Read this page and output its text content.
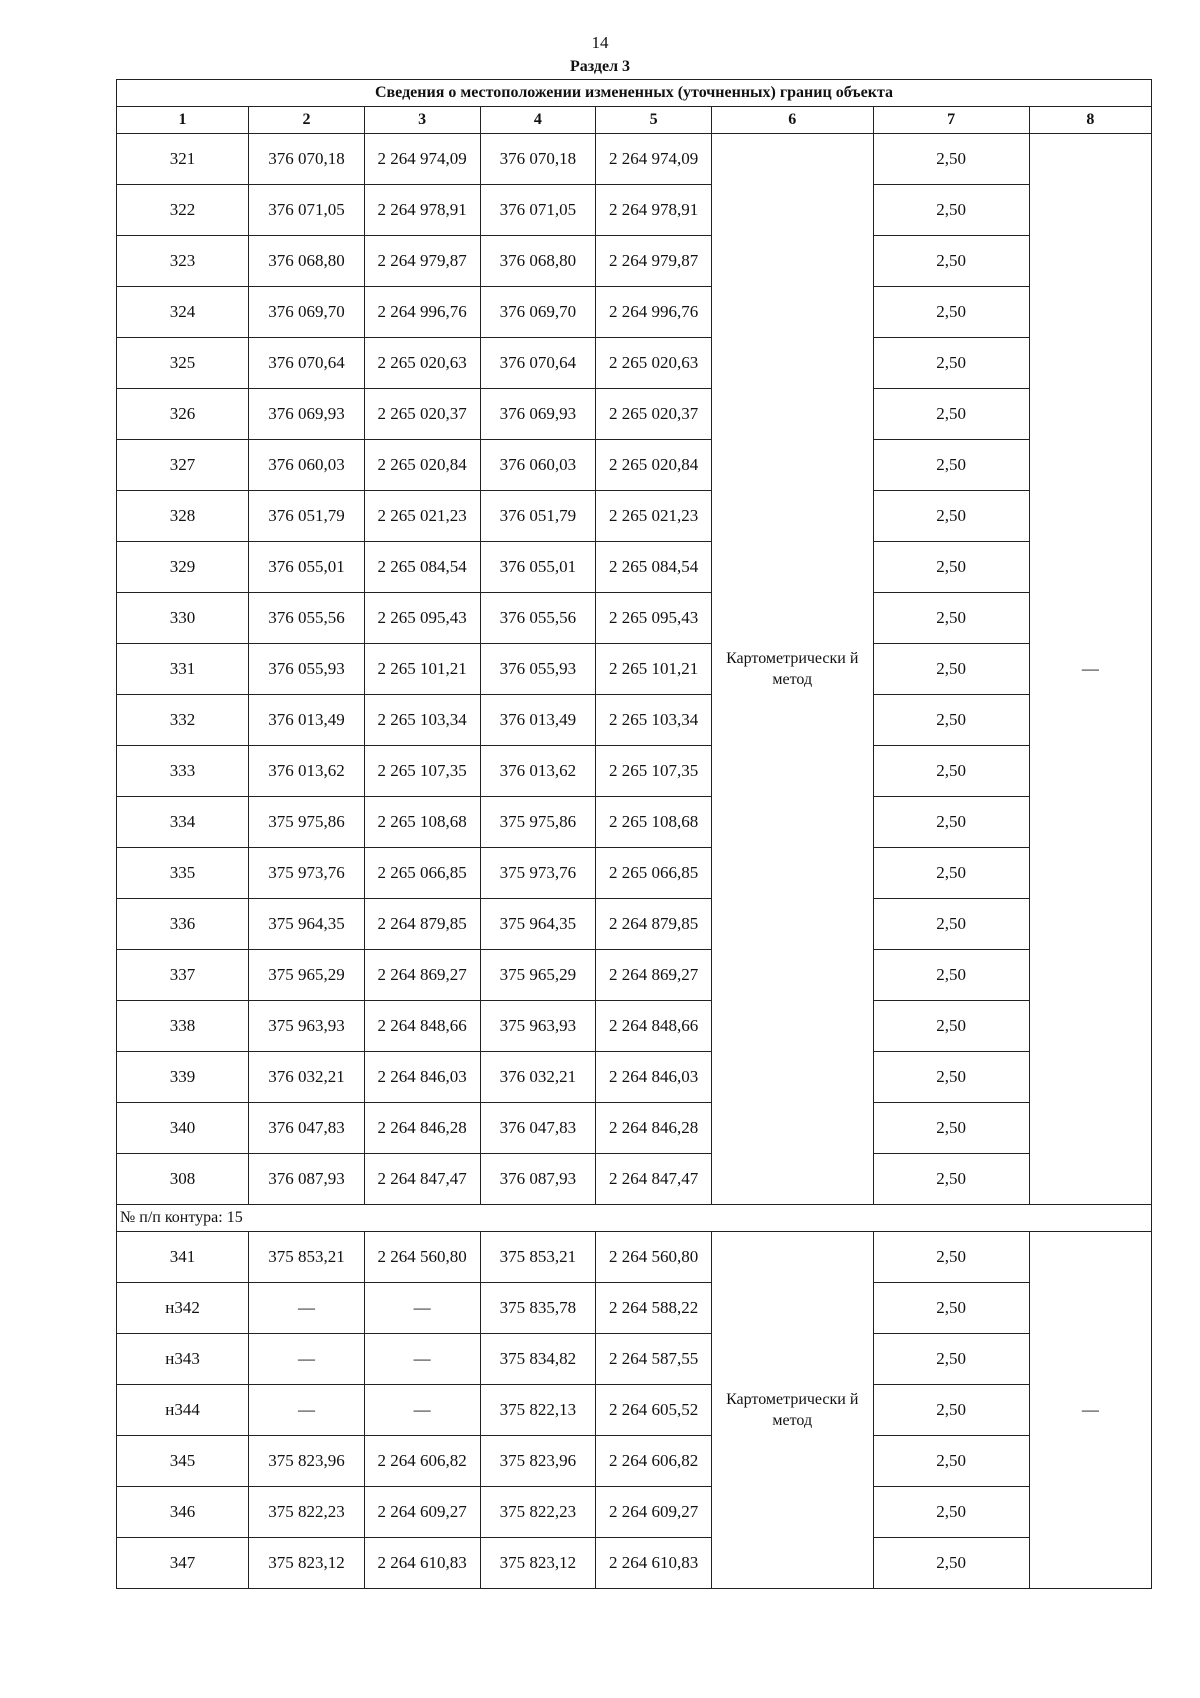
14
Раздел 3
Сведения о местоположении измененных (уточненных) границ объекта							
1	2	3	4	5	6	7	8
321	376 070,18	2 264 974,09	376 070,18	2 264 974,09	Картометрически й метод	2,50	—
322	376 071,05	2 264 978,91	376 071,05	2 264 978,91		2,50	
323	376 068,80	2 264 979,87	376 068,80	2 264 979,87		2,50	
324	376 069,70	2 264 996,76	376 069,70	2 264 996,76		2,50	
325	376 070,64	2 265 020,63	376 070,64	2 265 020,63		2,50	
326	376 069,93	2 265 020,37	376 069,93	2 265 020,37		2,50	
327	376 060,03	2 265 020,84	376 060,03	2 265 020,84		2,50	
328	376 051,79	2 265 021,23	376 051,79	2 265 021,23		2,50	
329	376 055,01	2 265 084,54	376 055,01	2 265 084,54		2,50	
330	376 055,56	2 265 095,43	376 055,56	2 265 095,43		2,50	
331	376 055,93	2 265 101,21	376 055,93	2 265 101,21		2,50	
332	376 013,49	2 265 103,34	376 013,49	2 265 103,34		2,50	
333	376 013,62	2 265 107,35	376 013,62	2 265 107,35		2,50	
334	375 975,86	2 265 108,68	375 975,86	2 265 108,68		2,50	
335	375 973,76	2 265 066,85	375 973,76	2 265 066,85		2,50	
336	375 964,35	2 264 879,85	375 964,35	2 264 879,85		2,50	
337	375 965,29	2 264 869,27	375 965,29	2 264 869,27		2,50	
338	375 963,93	2 264 848,66	375 963,93	2 264 848,66		2,50	
339	376 032,21	2 264 846,03	376 032,21	2 264 846,03		2,50	
340	376 047,83	2 264 846,28	376 047,83	2 264 846,28		2,50	
308	376 087,93	2 264 847,47	376 087,93	2 264 847,47		2,50	
№ п/п контура: 15							
341	375 853,21	2 264 560,80	375 853,21	2 264 560,80	Картометрически й метод	2,50	—
н342	—	—	375 835,78	2 264 588,22		2,50	
н343	—	—	375 834,82	2 264 587,55		2,50	
н344	—	—	375 822,13	2 264 605,52		2,50	
345	375 823,96	2 264 606,82	375 823,96	2 264 606,82		2,50	
346	375 822,23	2 264 609,27	375 822,23	2 264 609,27		2,50	
347	375 823,12	2 264 610,83	375 823,12	2 264 610,83		2,50	
